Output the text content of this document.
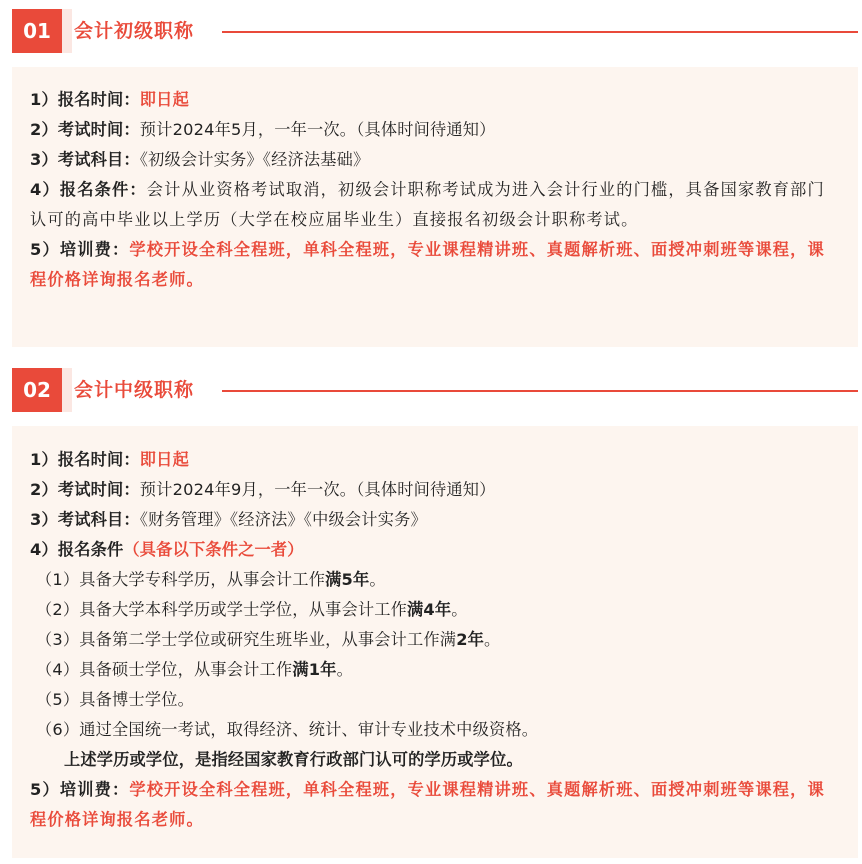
01	会计初级职称
1）报名时间：即日起
2）考试时间：预计2024年5月，一年一次。（具体时间待通知）
3）考试科目：《初级会计实务》《经济法基础》
4）报名条件：会计从业资格考试取消，初级会计职称考试成为进入会计行业的门槛，具备国家教育部门认可的高中毕业以上学历（大学在校应届毕业生）直接报名初级会计职称考试。
5）培训费：学校开设全科全程班，单科全程班，专业课程精讲班、真题解析班、面授冲刺班等课程，课程价格详询报名老师。
02	会计中级职称
1）报名时间：即日起
2）考试时间：预计2024年9月，一年一次。（具体时间待通知）
3）考试科目：《财务管理》《经济法》《中级会计实务》
4）报名条件（具备以下条件之一者）
（1）具备大学专科学历，从事会计工作满5年。
（2）具备大学本科学历或学士学位，从事会计工作满4年。
（3）具备第二学士学位或研究生班毕业，从事会计工作满2年。
（4）具备硕士学位，从事会计工作满1年。
（5）具备博士学位。
（6）通过全国统一考试，取得经济、统计、审计专业技术中级资格。
上述学历或学位，是指经国家教育行政部门认可的学历或学位。
5）培训费：学校开设全科全程班，单科全程班，专业课程精讲班、真题解析班、面授冲刺班等课程，课程价格详询报名老师。
